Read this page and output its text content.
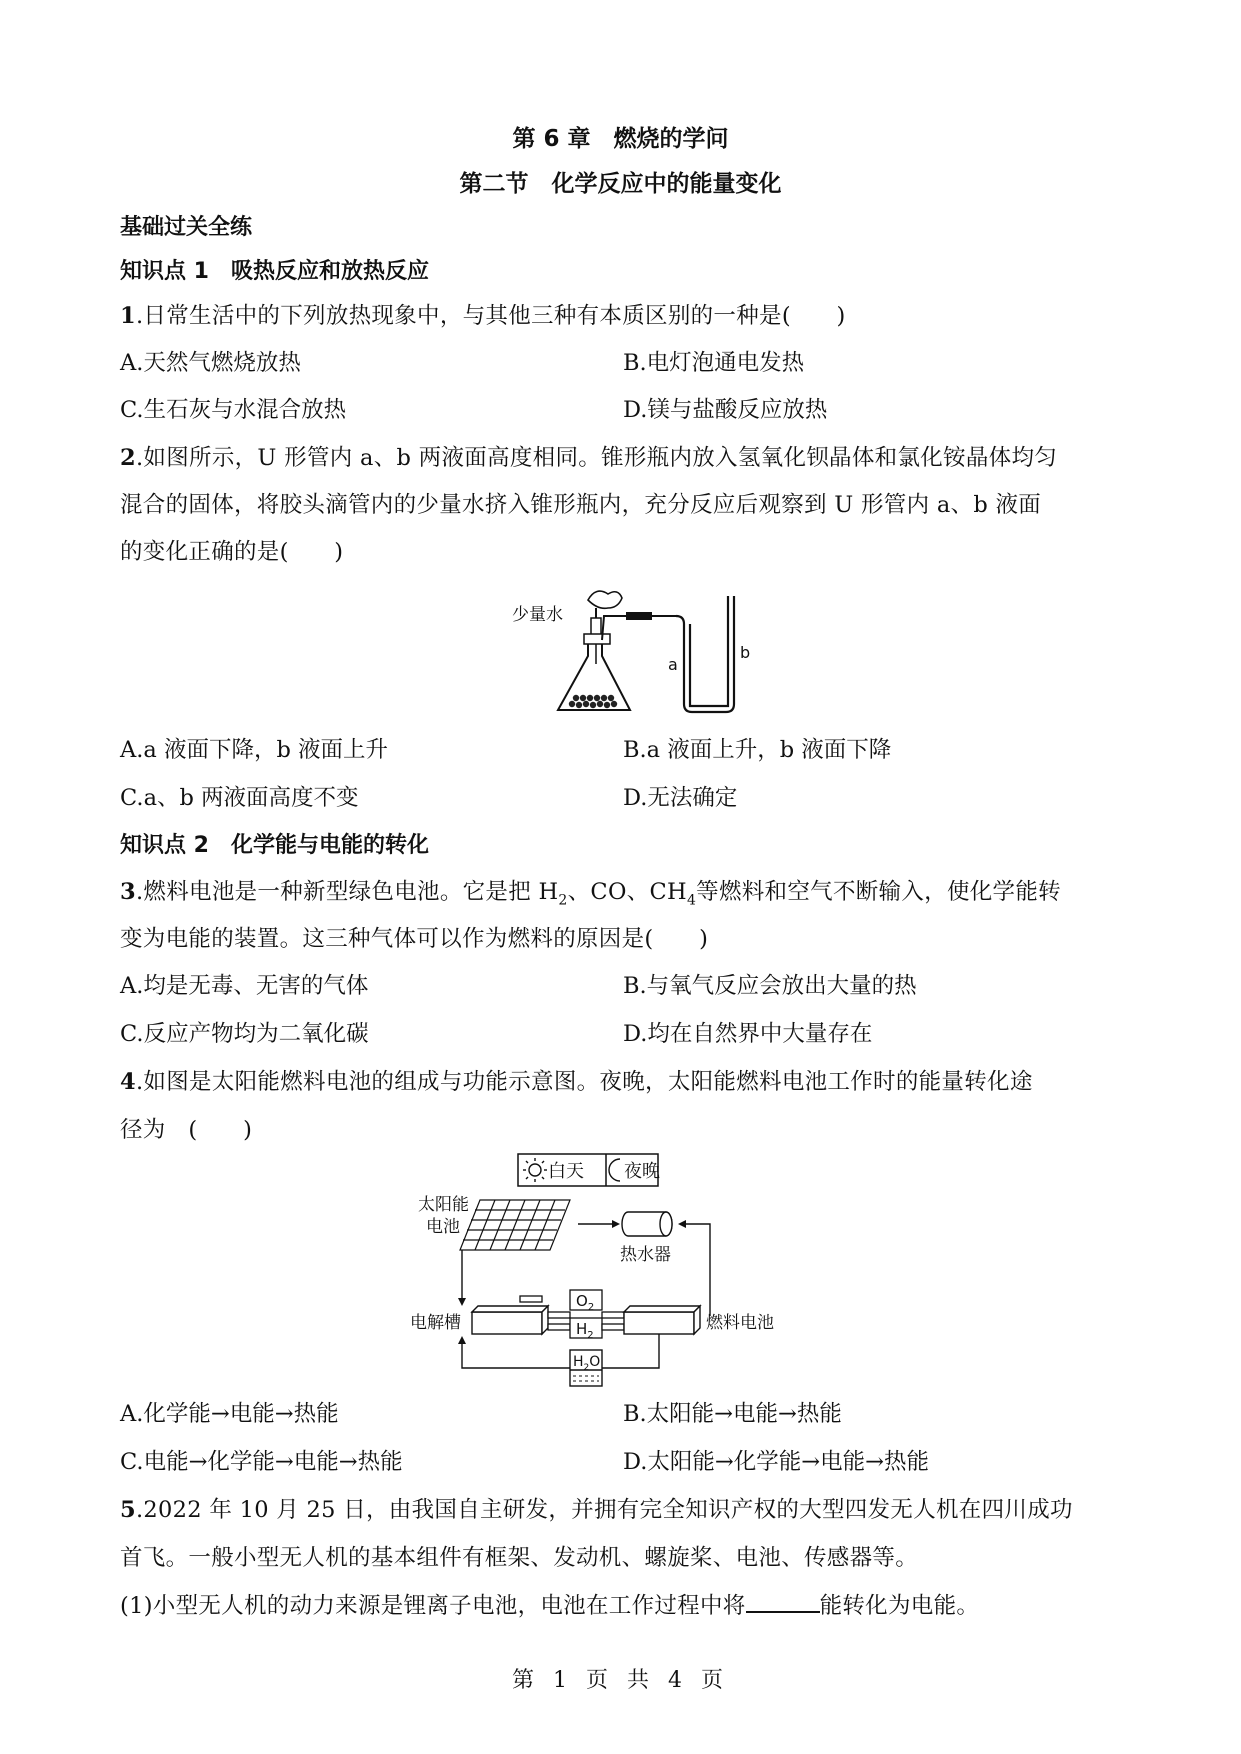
第 6 章　燃烧的学问
第二节　化学反应中的能量变化
基础过关全练
知识点 1　吸热反应和放热反应
1.日常生活中的下列放热现象中，与其他三种有本质区别的一种是(　　)
A.天然气燃烧放热	B.电灯泡通电发热
C.生石灰与水混合放热	D.镁与盐酸反应放热
2.如图所示，U 形管内 a、b 两液面高度相同。锥形瓶内放入氢氧化钡晶体和氯化铵晶体均匀
混合的固体，将胶头滴管内的少量水挤入锥形瓶内，充分反应后观察到 U 形管内 a、b 液面
的变化正确的是(　　)
少量水
a
b
A.a 液面下降，b 液面上升	B.a 液面上升，b 液面下降
C.a、b 两液面高度不变	D.无法确定
知识点 2　化学能与电能的转化
3.燃料电池是一种新型绿色电池。它是把 $H_2$、CO、$CH_4$等燃料和空气不断输入，使化学能转
变为电能的装置。这三种气体可以作为燃料的原因是(　　)
A.均是无毒、无害的气体	B.与氧气反应会放出大量的热
C.反应产物均为二氧化碳	D.均在自然界中大量存在
4.如图是太阳能燃料电池的组成与功能示意图。夜晚，太阳能燃料电池工作时的能量转化途
径为　(　　)
白天 夜晚
太阳能
电池
热水器
电解槽
$O_2$
$H_2$
燃料电池
$H_2O$
A.化学能→电能→热能	B.太阳能→电能→热能
C.电能→化学能→电能→热能	D.太阳能→化学能→电能→热能
5.2022 年 10 月 25 日，由我国自主研发，并拥有完全知识产权的大型四发无人机在四川成功
首飞。一般小型无人机的基本组件有框架、发动机、螺旋桨、电池、传感器等。
(1)小型无人机的动力来源是锂离子电池，电池在工作过程中将	能转化为电能。
第 1 页 共 4 页
